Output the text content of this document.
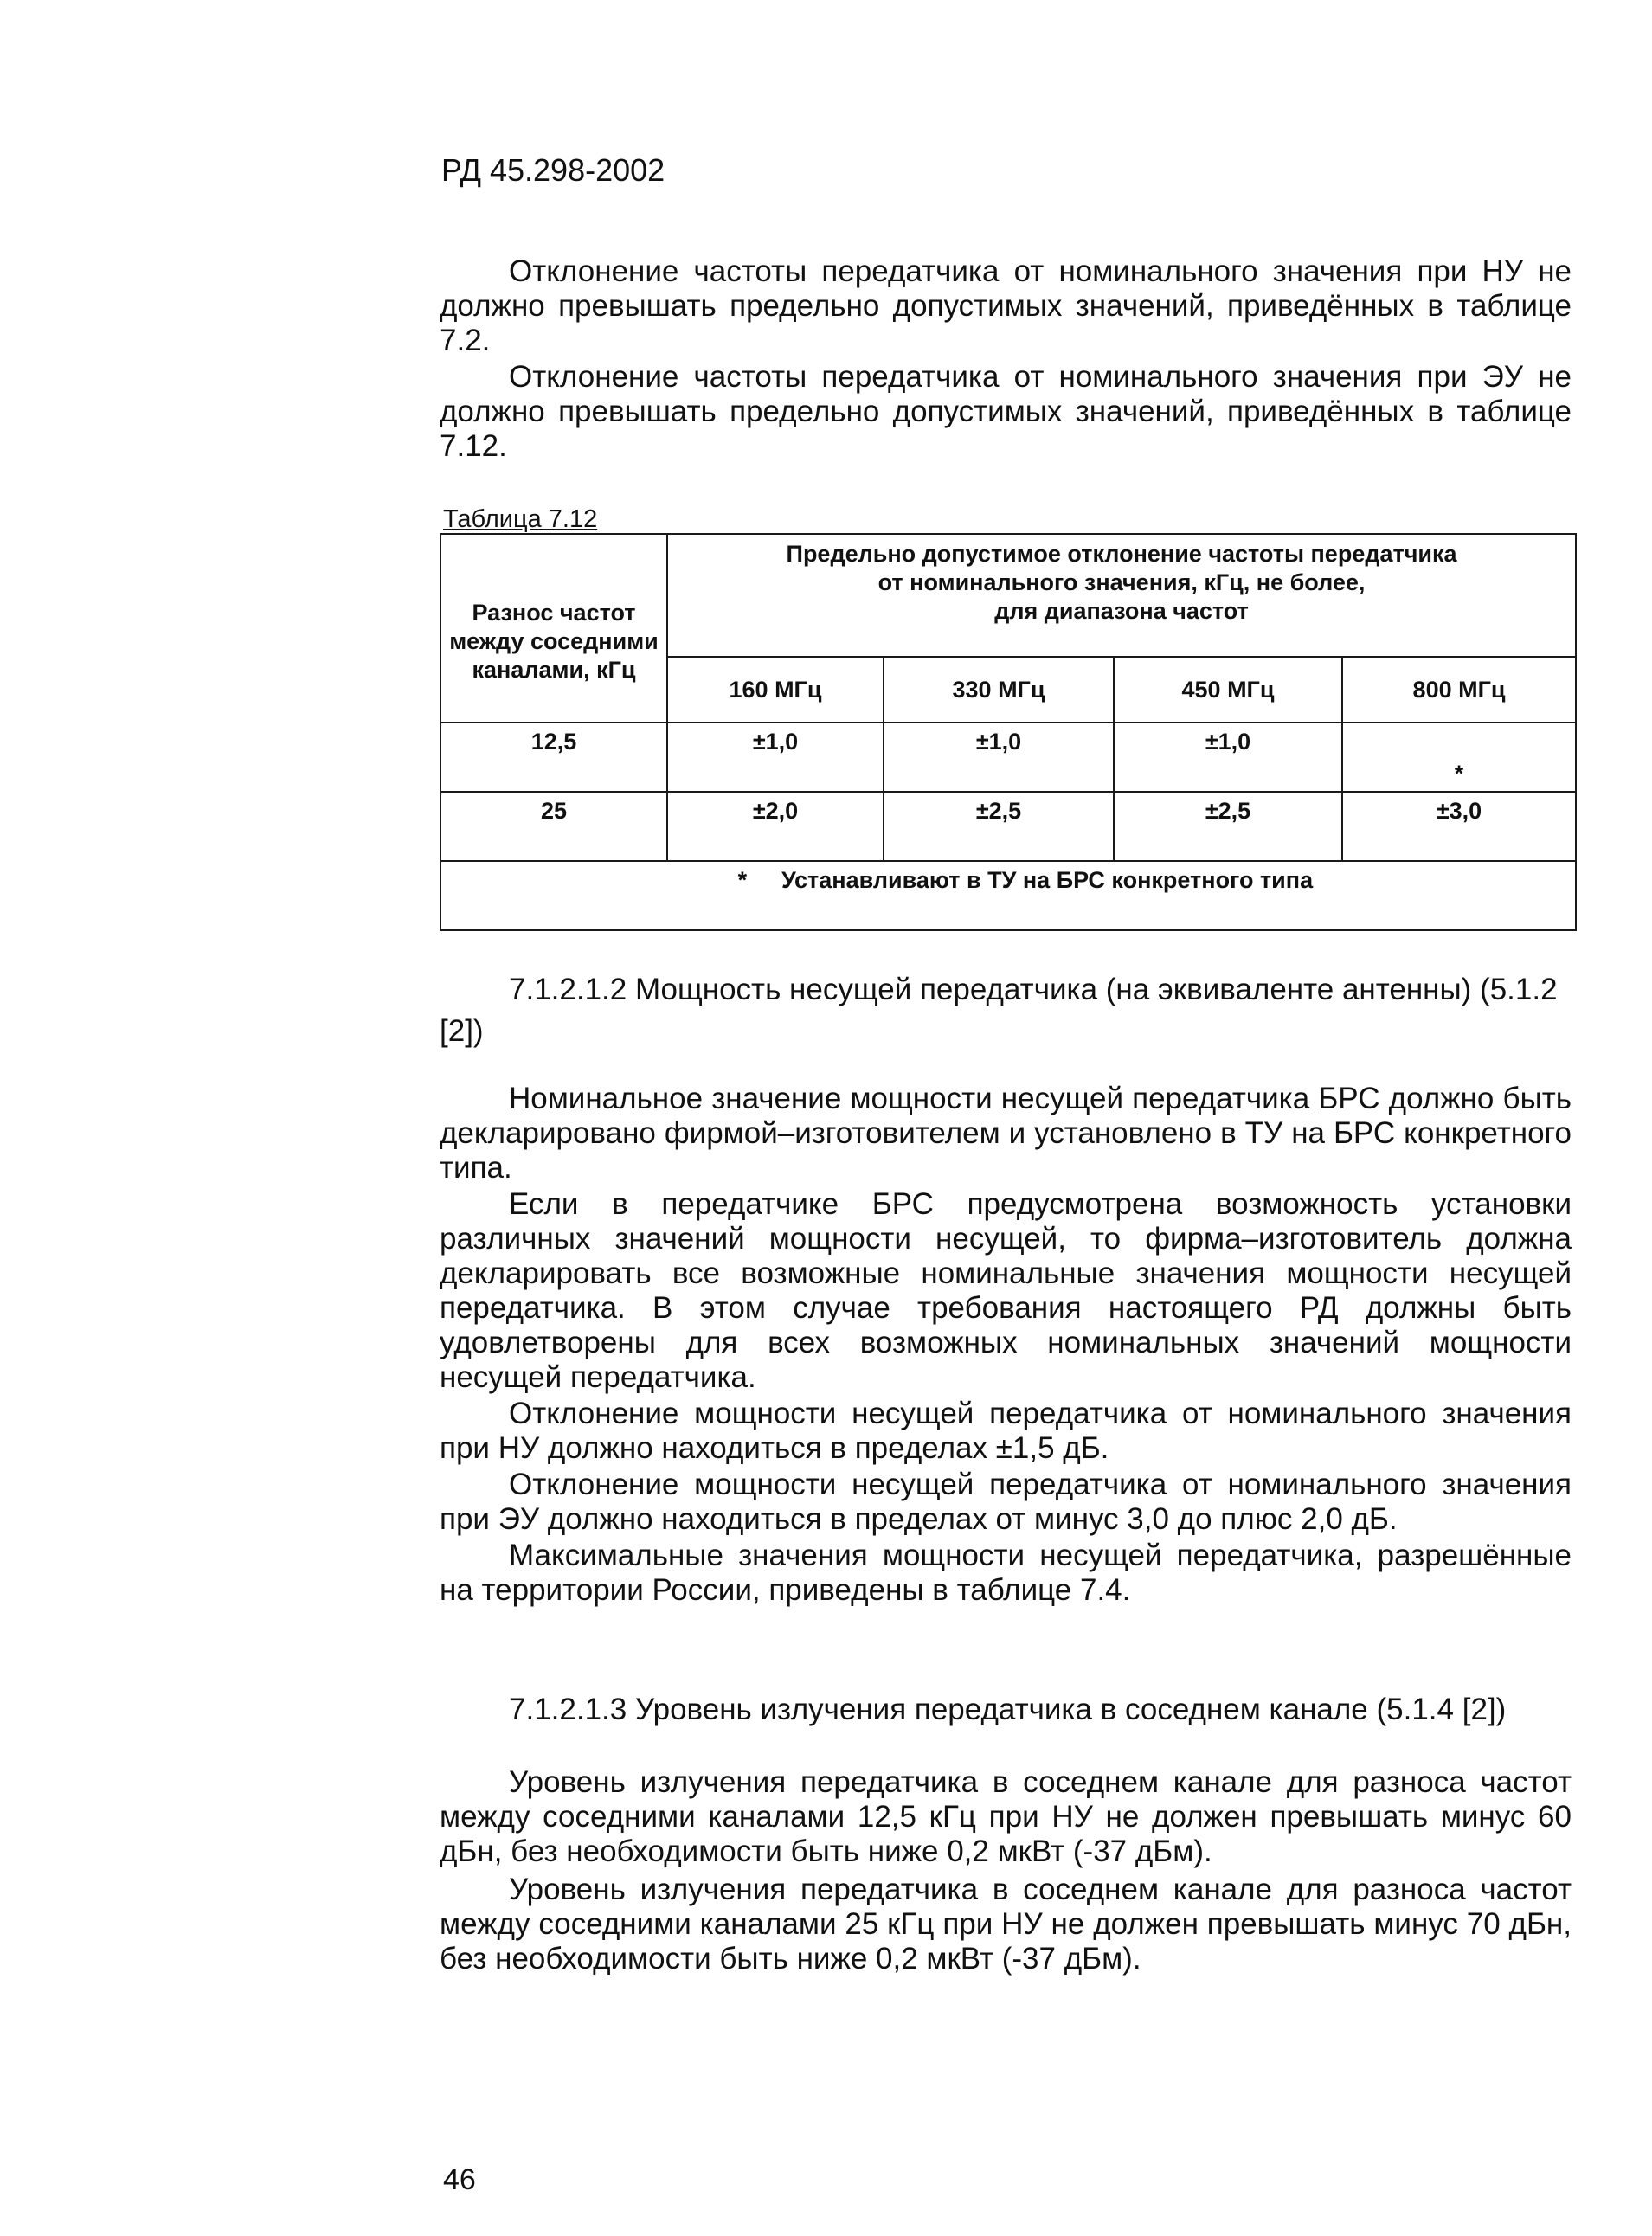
РД 45.298-2002

Отклонение частоты передатчика от номинального значения при НУ не должно превышать предельно допустимых значений, приведённых в таблице 7.2.

Отклонение частоты передатчика от номинального значения при ЭУ не должно превышать предельно допустимых значений, приведённых в таблице 7.12.

Таблица 7.12
Разнос частот между соседними каналами, кГц	Предельно допустимое отклонение частоты передатчика
от номинального значения, кГц, не более,
для диапазона частот			

	160 МГц	330 МГц	450 МГц	800 МГц
12,5	±1,0	±1,0	±1,0	*
25	±2,0	±2,5	±2,5	±3,0
* Устанавливают в ТУ на БРС конкретного типа				

7.1.2.1.2 Мощность несущей передатчика (на эквиваленте антенны) (5.1.2 [2])

Номинальное значение мощности несущей передатчика БРС должно быть декларировано фирмой–изготовителем и установлено в ТУ на БРС конкретного типа.

Если в передатчике БРС предусмотрена возможность установки различных значений мощности несущей, то фирма–изготовитель должна декларировать все возможные номинальные значения мощности несущей передатчика. В этом случае требования настоящего РД должны быть удовлетворены для всех возможных номинальных значений мощности несущей передатчика.

Отклонение мощности несущей передатчика от номинального значения при НУ должно находиться в пределах ±1,5 дБ.

Отклонение мощности несущей передатчика от номинального значения при ЭУ должно находиться в пределах от минус 3,0 до плюс 2,0 дБ.

Максимальные значения мощности несущей передатчика, разрешённые на территории России, приведены в таблице 7.4.

7.1.2.1.3 Уровень излучения передатчика в соседнем канале (5.1.4 [2])

Уровень излучения передатчика в соседнем канале для разноса частот между соседними каналами 12,5 кГц при НУ не должен превышать минус 60 дБн, без необходимости быть ниже 0,2 мкВт (-37 дБм).

Уровень излучения передатчика в соседнем канале для разноса частот между соседними каналами 25 кГц при НУ не должен превышать минус 70 дБн, без необходимости быть ниже 0,2 мкВт (-37 дБм).

46
